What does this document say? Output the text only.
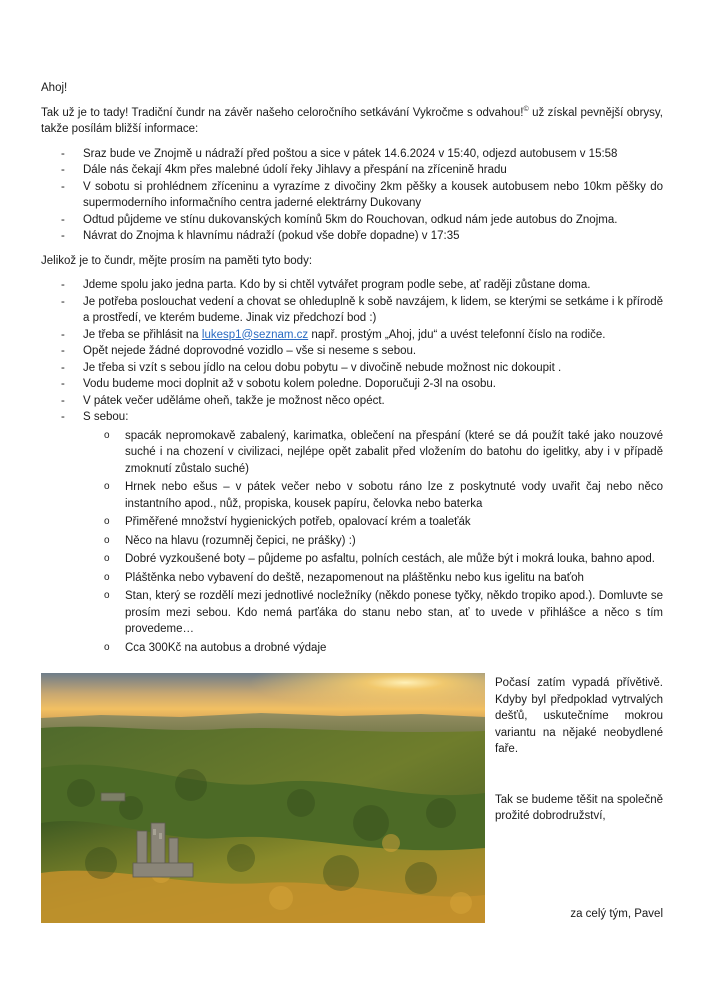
Ahoj!

Tak už je to tady! Tradiční čundr na závěr našeho celoročního setkávání Vykročme s odvahou!© už získal pevnější obrysy, takže posílám bližší informace:

- Sraz bude ve Znojmě u nádraží před poštou a sice v pátek 14.6.2024 v 15:40, odjezd autobusem v 15:58
- Dále nás čekají 4km přes malebné údolí řeky Jihlavy a přespání na zřícenině hradu
- V sobotu si prohlédnem zříceninu a vyrazíme z divočiny 2km pěšky a kousek autobusem nebo 10km pěšky do supermoderního informačního centra jaderné elektrárny Dukovany
- Odtud půjdeme ve stínu dukovanských komínů 5km do Rouchovan, odkud nám jede autobus do Znojma.
- Návrat do Znojma k hlavnímu nádraží (pokud vše dobře dopadne) v 17:35

Jelikož je to čundr, mějte prosím na paměti tyto body:

- Jdeme spolu jako jedna parta. Kdo by si chtěl vytvářet program podle sebe, ať raději zůstane doma.
- Je potřeba poslouchat vedení a chovat se ohleduplně k sobě navzájem, k lidem, se kterými se setkáme i k přírodě a prostředí, ve kterém budeme. Jinak viz předchozí bod :)
- Je třeba se přihlásit na lukesp1@seznam.cz např. prostým „Ahoj, jdu“ a uvést telefonní číslo na rodiče.
- Opět nejede žádné doprovodné vozidlo – vše si neseme s sebou.
- Je třeba si vzít s sebou jídlo na celou dobu pobytu – v divočině nebude možnost nic dokoupit .
- Vodu budeme moci doplnit až v sobotu kolem poledne. Doporučuji 2-3l na osobu.
- V pátek večer uděláme oheň, takže je možnost něco opéct.
- S sebou:
o spacák nepromokavě zabalený, karimatka, oblečení na přespání (které se dá použít také jako nouzové suché i na chození v civilizaci, nejlépe opět zabalit před vložením do batohu do igelitky, aby i v případě zmoknutí zůstalo suché)
o Hrnek nebo ešus – v pátek večer nebo v sobotu ráno lze z poskytnuté vody uvařit čaj nebo něco instantního apod., nůž, propiska, kousek papíru, čelovka nebo baterka
o Přiměřené množství hygienických potřeb, opalovací krém a toaleťák
o Něco na hlavu (rozumněj čepici, ne prášky) :)
o Dobré vyzkoušené boty – půjdeme po asfaltu, polních cestách, ale může být i mokrá louka, bahno apod.
o Pláštěnka nebo vybavení do deště, nezapomenout na pláštěnku nebo kus igelitu na baťoh
o Stan, který se rozdělí mezi jednotlivé nocležníky (někdo ponese tyčky, někdo tropiko apod.). Domluvte se prosím mezi sebou. Kdo nemá parťáka do stanu nebo stan, ať to uvede v přihlášce a něco s tím provedeme…
o Cca 300Kč na autobus a drobné výdaje

Počasí zatím vypadá přívětivě. Kdyby byl předpoklad vytrvalých dešťů, uskutečníme mokrou variantu na nějaké neobydlené faře.

Tak se budeme těšit na společně prožité dobrodružství,

za celý tým, Pavel
